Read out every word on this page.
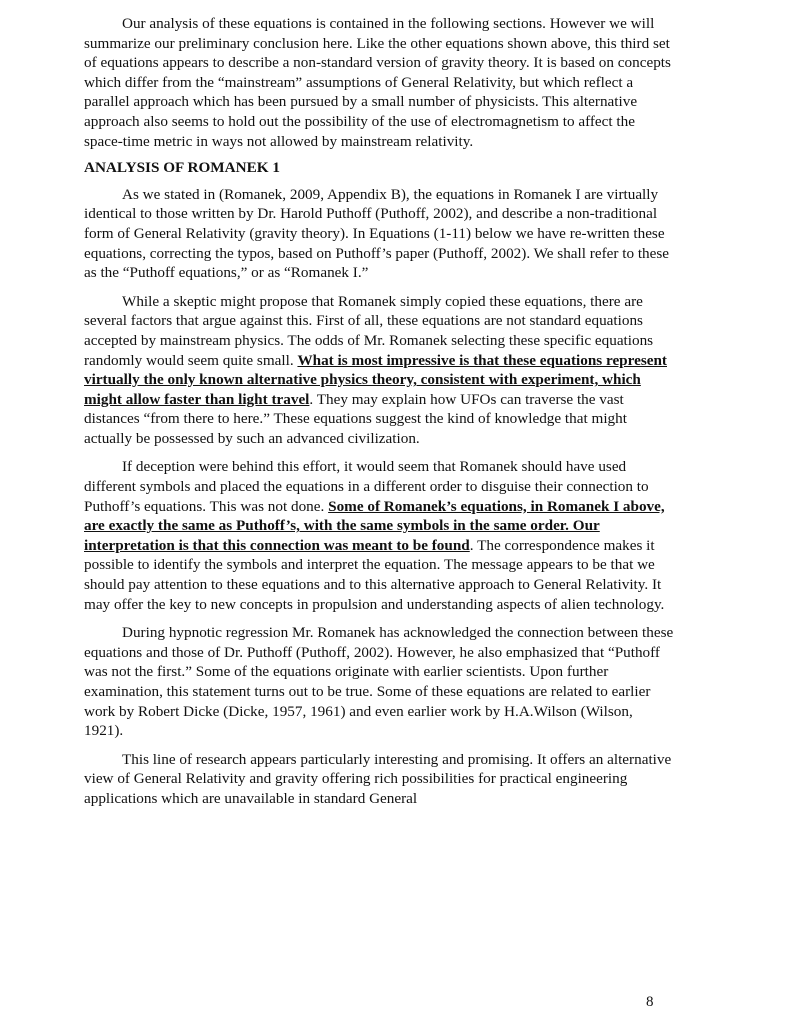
Our analysis of these equations is contained in the following sections. However we will summarize our preliminary conclusion here. Like the other equations shown above, this third set of equations appears to describe a non-standard version of gravity theory. It is based on concepts which differ from the “mainstream” assumptions of General Relativity, but which reflect a parallel approach which has been pursued by a small number of physicists. This alternative approach also seems to hold out the possibility of the use of electromagnetism to affect the space-time metric in ways not allowed by mainstream relativity.

ANALYSIS OF ROMANEK 1

As we stated in (Romanek, 2009, Appendix B), the equations in Romanek I are virtually identical to those written by Dr. Harold Puthoff (Puthoff, 2002), and describe a non-traditional form of General Relativity (gravity theory). In Equations (1-11) below we have re-written these equations, correcting the typos, based on Puthoff’s paper (Puthoff, 2002). We shall refer to these as the “Puthoff equations,” or as “Romanek I.”

While a skeptic might propose that Romanek simply copied these equations, there are several factors that argue against this. First of all, these equations are not standard equations accepted by mainstream physics. The odds of Mr. Romanek selecting these specific equations randomly would seem quite small. What is most impressive is that these equations represent virtually the only known alternative physics theory, consistent with experiment, which might allow faster than light travel. They may explain how UFOs can traverse the vast distances “from there to here.” These equations suggest the kind of knowledge that might actually be possessed by such an advanced civilization.

If deception were behind this effort, it would seem that Romanek should have used different symbols and placed the equations in a different order to disguise their connection to Puthoff’s equations. This was not done. Some of Romanek’s equations, in Romanek I above, are exactly the same as Puthoff’s, with the same symbols in the same order. Our interpretation is that this connection was meant to be found. The correspondence makes it possible to identify the symbols and interpret the equation. The message appears to be that we should pay attention to these equations and to this alternative approach to General Relativity. It may offer the key to new concepts in propulsion and understanding aspects of alien technology.

During hypnotic regression Mr. Romanek has acknowledged the connection between these equations and those of Dr. Puthoff (Puthoff, 2002). However, he also emphasized that “Puthoff was not the first.” Some of the equations originate with earlier scientists. Upon further examination, this statement turns out to be true. Some of these equations are related to earlier work by Robert Dicke (Dicke, 1957, 1961) and even earlier work by H.A.Wilson (Wilson, 1921).

This line of research appears particularly interesting and promising. It offers an alternative view of General Relativity and gravity offering rich possibilities for practical engineering applications which are unavailable in standard General

8
